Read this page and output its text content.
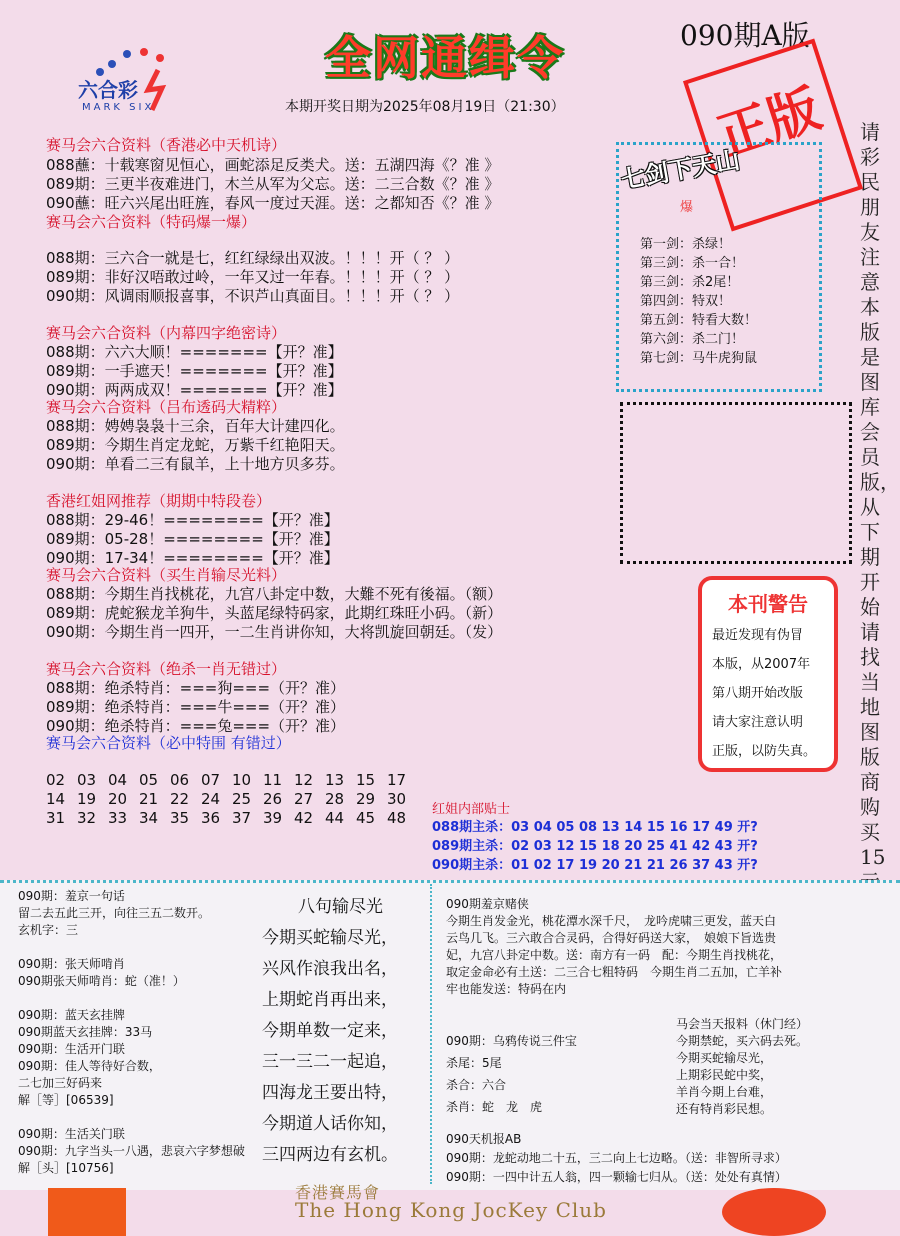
六合彩
MARK SIX
全网通缉令	090期A版
本期开奖日期为2025年08月19日（21:30）	正版
赛马会六合资料（香港必中天机诗）
088蘸：十载寒窗见恒心，画蛇添足反类犬。送：五湖四海《？准 》
089期：三更半夜难进门，木兰从军为父忘。送：二三合数《？准 》
090蘸：旺六兴尾出旺旌，春风一度过天涯。送：之都知否《？准 》
赛马会六合资料（特码爆一爆）
088期：三六合一就是七，红红绿绿出双波。！！！开（ ？ ）
089期：非好汉唔敢过岭，一年又过一年春。！！！开（ ？ ）
090期：风调雨顺报喜事，不识芦山真面目。！！！开（ ？ ）
赛马会六合资料（内幕四字绝密诗）
088期：六六大顺！=======【开？准】
089期：一手遮天！=======【开？准】
090期：两两成双！=======【开？准】
赛马会六合资料（吕布透码大精粹）
088期：娉娉袅袅十三余，百年大计建四化。
089期：今期生肖定龙蛇，万紫千红艳阳天。
090期：单看二三有鼠羊，上十地方贝多芬。
香港红姐网推荐（期期中特段卷）
088期：29-46！========【开？准】
089期：05-28！========【开？准】
090期：17-34！========【开？准】
赛马会六合资料（买生肖输尽光料）
088期：今期生肖找桃花，九宫八卦定中数，大難不死有後福。（额）
089期：虎蛇猴龙羊狗牛，头蓝尾绿特码家，此期红珠旺小码。（新）
090期：今期生肖一四开，一二生肖讲你知，大将凯旋回朝廷。（发）
赛马会六合资料（绝杀一肖无错过）
088期：绝杀特肖：===狗===（开？准）
089期：绝杀特肖：===牛===（开？准）
090期：绝杀特肖：===兔===（开？准）
赛马会六合资料（必中特围 有错过）
02 03 04 05 06 07 10 11 12 13 15 17
14 19 20 21 22 24 25 26 27 28 29 30
31 32 33 34 35 36 37 39 42 44 45 48	红姐内部贴士
088期主杀：03 04 05 08 13 14 15 16 17 49 开?
089期主杀：02 03 12 15 18 20 25 41 42 43 开?
090期主杀：01 02 17 19 20 21 21 26 37 43 开?
七剑下天山
爆
第一剑：杀绿！
第三剑：杀一合！
第三剑：杀2尾！
第四剑：特双！
第五剑：特看大数！
第六剑：杀二门！
第七剑：马牛虎狗鼠
请彩民朋友注意本版是图库会员版，从下期开始请找当地图版商购买15
本刊警告
最近发现有伪冒
本版，从2007年
第八期开始改版
请大家注意认明
正版，以防失真。
090期：羞京一句话
留二去五此三开，向往三五二数开。
玄机字：三

090期：张天师啃肖
090期张天师啃肖：蛇（准！）

090期：蓝天玄挂牌
090期蓝天玄挂牌：33马
090期：生活开门联
090期：佳人等待好合数，
二七加三好码来
解［等］[06539]

090期：生活关门联
090期：九字当头一八遇，悲哀六字梦想破
解［头］[10756]
八句输尽光
今期买蛇输尽光，
兴风作浪我出名，
上期蛇肖再出来，
今期单数一定来，
三一三二一起追，
四海龙王要出特，
今期道人话你知，
三四两边有玄机。
090期羞京赌侠
今期生肖发金光，桃花潭水深千尺，　龙吟虎啸三更发，蓝天白
云鸟几飞。三六敢合合灵码，合得好码送大家，　娘娘下旨选贵
妃，九宫八卦定中数。送：南方有一码　配：今期生肖找桃花，
取定金命必有土送：二三合七粗特码　今期生肖二五加，亡羊补
牢也能发送：特码在内
090期：乌鸦传说三件宝
杀尾：5尾
杀合：六合
杀肖：蛇　龙　虎
马会当天报料（休门经）
今期禁蛇，买六码去死。
今期买蛇输尽光，
上期彩民蛇中奖，
羊肖今期上台难，
还有特肖彩民想。
090天机报AB
090期：龙蛇动地二十五，三二向上七边略。（送：非智所寻求）
090期：一四中计五人翁，四一颗输七归从。（送：处处有真情）
香港賽馬會
The Hong Kong JocKey Club
